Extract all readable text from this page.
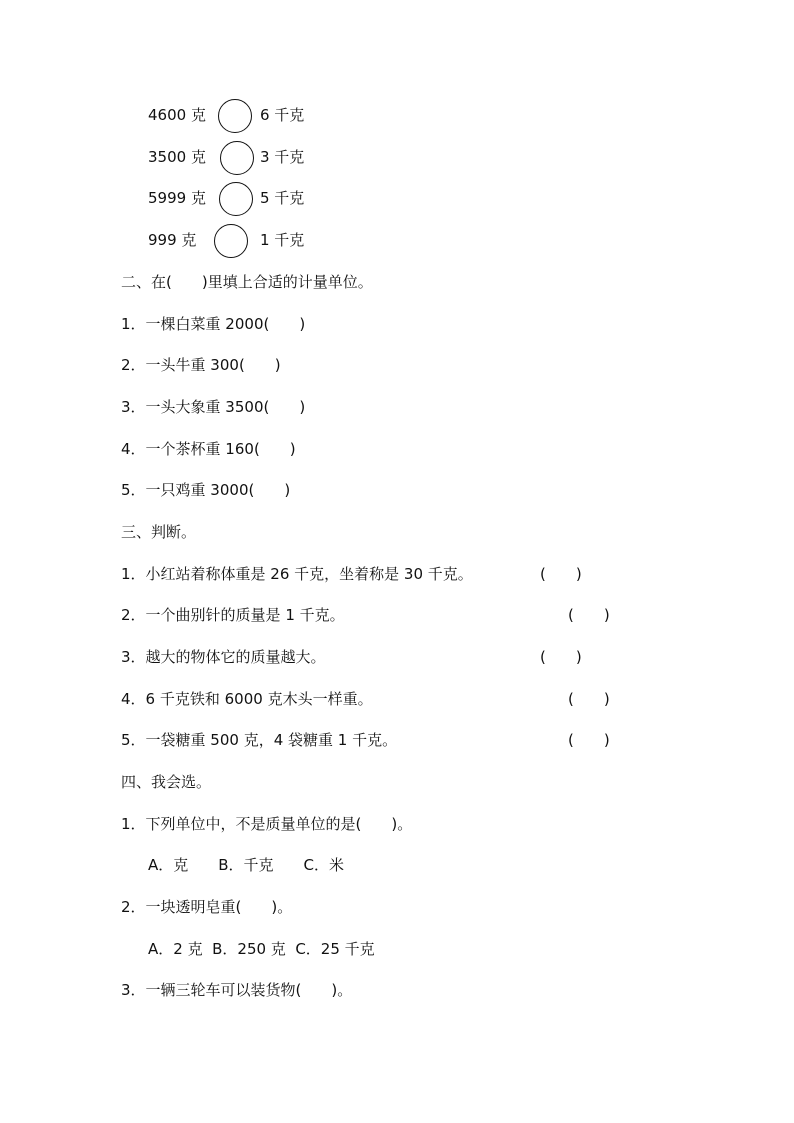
4600 克	6 千克
3500 克	3 千克
5999 克	5 千克
999 克	1 千克
二、在(　　)里填上合适的计量单位。
1．一棵白菜重 2000(　　)
2．一头牛重 300(　　)
3．一头大象重 3500(　　)
4．一个茶杯重 160(　　)
5．一只鸡重 3000(　　)
三、判断。
1．小红站着称体重是 26 千克，坐着称是 30 千克。	(　　)
2．一个曲别针的质量是 1 千克。	(　　)
3．越大的物体它的质量越大。	(　　)
4．6 千克铁和 6000 克木头一样重。	(　　)
5．一袋糖重 500 克，4 袋糖重 1 千克。	(　　)
四、我会选。
1．下列单位中，不是质量单位的是(　　)。
A．克　　B．千克　　C．米
2．一块透明皂重(　　)。
A．2 克  B．250 克  C．25 千克
3．一辆三轮车可以装货物(　　)。
